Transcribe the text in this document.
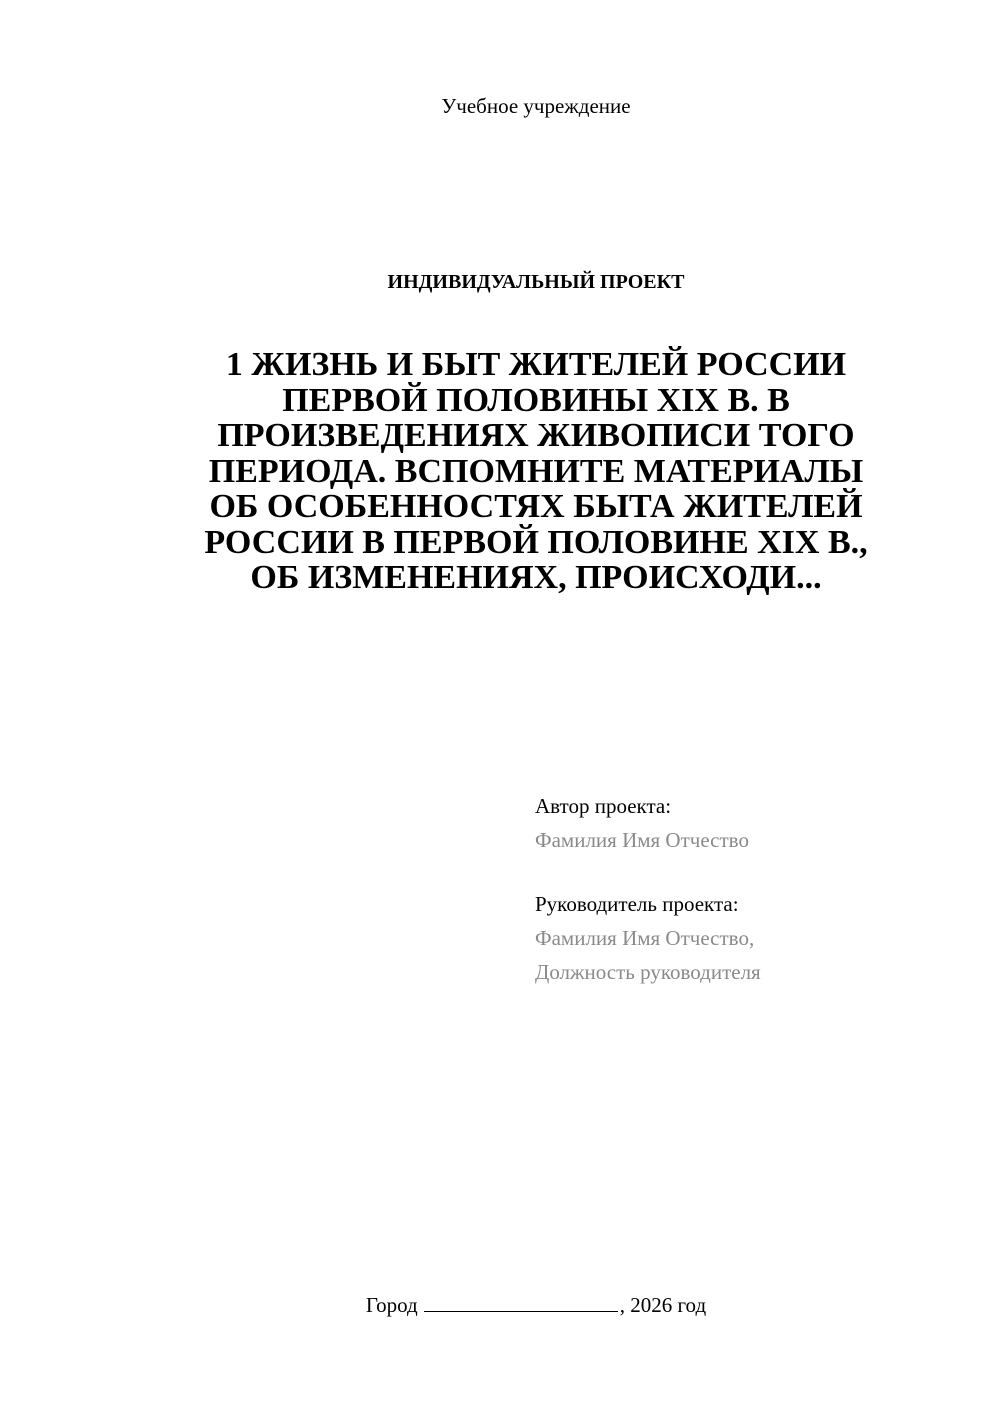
Учебное учреждение
ИНДИВИДУАЛЬНЫЙ ПРОЕКТ
1 ЖИЗНЬ И БЫТ ЖИТЕЛЕЙ РОССИИ
ПЕРВОЙ ПОЛОВИНЫ XIX В. В
ПРОИЗВЕДЕНИЯХ ЖИВОПИСИ ТОГО
ПЕРИОДА. ВСПОМНИТЕ МАТЕРИАЛЫ
ОБ ОСОБЕННОСТЯХ БЫТА ЖИТЕЛЕЙ
РОССИИ В ПЕРВОЙ ПОЛОВИНЕ XIX В.,
ОБ ИЗМЕНЕНИЯХ, ПРОИСХОДИ...
Автор проекта:
Фамилия Имя Отчество
Руководитель проекта:
Фамилия Имя Отчество,
Должность руководителя
Город	, 2026 год
